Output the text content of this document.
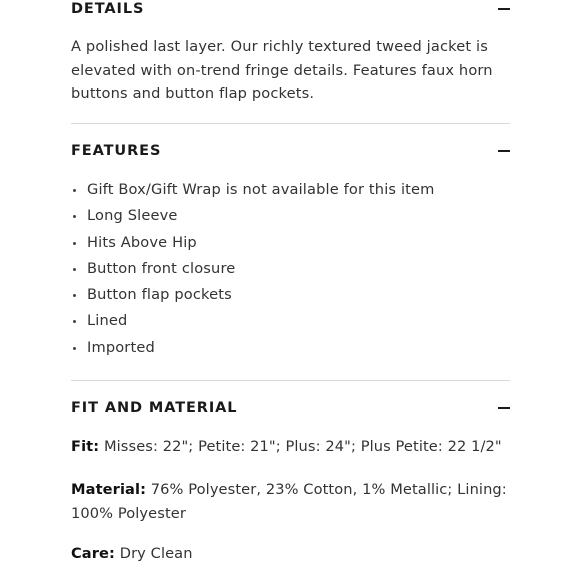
DETAILS
A polished last layer. Our richly textured tweed jacket is elevated with on-trend fringe details. Features faux horn buttons and button flap pockets.
FEATURES
Gift Box/Gift Wrap is not available for this item
Long Sleeve
Hits Above Hip
Button front closure
Button flap pockets
Lined
Imported
FIT AND MATERIAL
Fit: Misses: 22"; Petite: 21"; Plus: 24"; Plus Petite: 22 1/2"
Material: 76% Polyester, 23% Cotton, 1% Metallic; Lining: 100% Polyester
Care: Dry Clean
